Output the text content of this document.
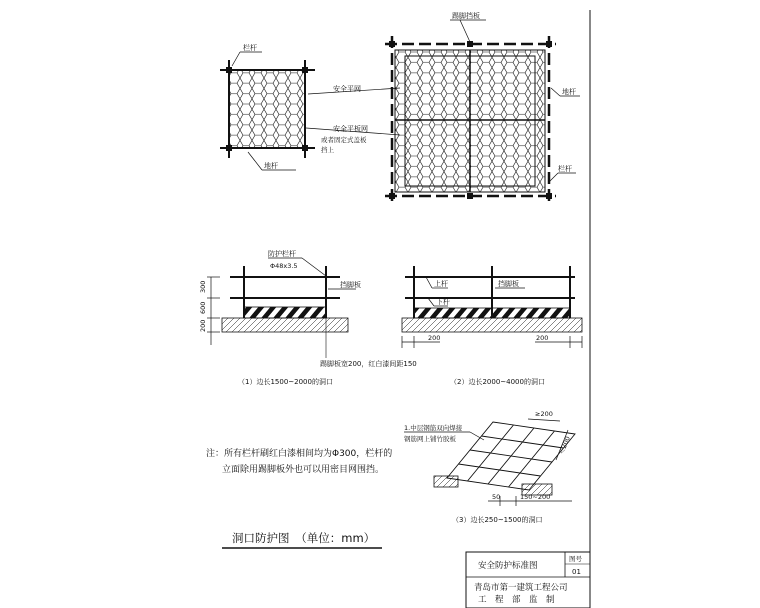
栏杆
地杆
踢脚挡板
地杆
栏杆
安全平网
安全平板网
或者固定式盖板
挡上
300
600
200
防护栏杆
Φ48x3.5
挡脚板
踢脚板宽200，红白漆间距150
（1）边长1500~2000的洞口
上杆	挡脚板
下杆
200	200
（2）边长2000~4000的洞口
1.中层钢筋双向焊接
钢筋网上铺竹胶板
≥200
＜200
50	150~200
（3）边长250~1500的洞口
注：所有栏杆刷红白漆相间均为Φ300，栏杆的
立面除用踢脚板外也可以用密目网围挡。
洞口防护图　（单位：mm）
安全防护标准图
图号
01
青岛市第一建筑工程公司
工　程　部　监　制
